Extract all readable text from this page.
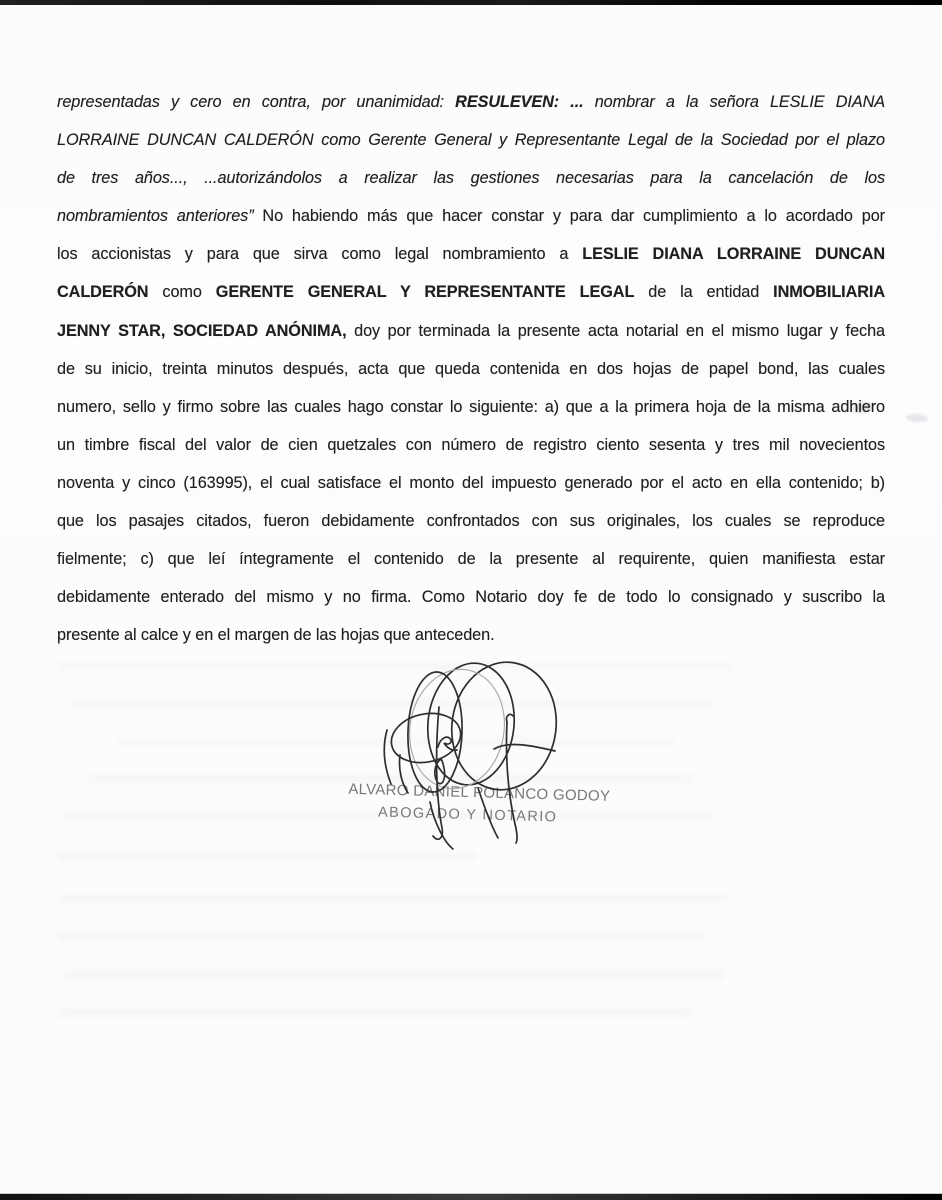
representadas y cero en contra, por unanimidad: RESULEVEN: ... nombrar a la señora LESLIE DIANA
LORRAINE DUNCAN CALDERÓN como Gerente General y Representante Legal de la Sociedad por el plazo
de tres años..., ...autorizándolos a realizar las gestiones necesarias para la cancelación de los
nombramientos anteriores” No habiendo más que hacer constar y para dar cumplimiento a lo acordado por
los accionistas y para que sirva como legal nombramiento a LESLIE DIANA LORRAINE DUNCAN
CALDERÓN como GERENTE GENERAL Y REPRESENTANTE LEGAL de la entidad INMOBILIARIA
JENNY STAR, SOCIEDAD ANÓNIMA, doy por terminada la presente acta notarial en el mismo lugar y fecha
de su inicio, treinta minutos después, acta que queda contenida en dos hojas de papel bond, las cuales
numero, sello y firmo sobre las cuales hago constar lo siguiente: a) que a la primera hoja de la misma adhiero
un timbre fiscal del valor de cien quetzales con número de registro ciento sesenta y tres mil novecientos
noventa y cinco (163995), el cual satisface el monto del impuesto generado por el acto en ella contenido; b)
que los pasajes citados, fueron debidamente confrontados con sus originales, los cuales se reproduce
fielmente; c) que leí íntegramente el contenido de la presente al requirente, quien manifiesta estar
debidamente enterado del mismo y no firma. Como Notario doy fe de todo lo consignado y suscribo la
presente al calce y en el margen de las hojas que anteceden.
ALVARO DANIEL POLANCO GODOY
ABOGADO Y NOTARIO
